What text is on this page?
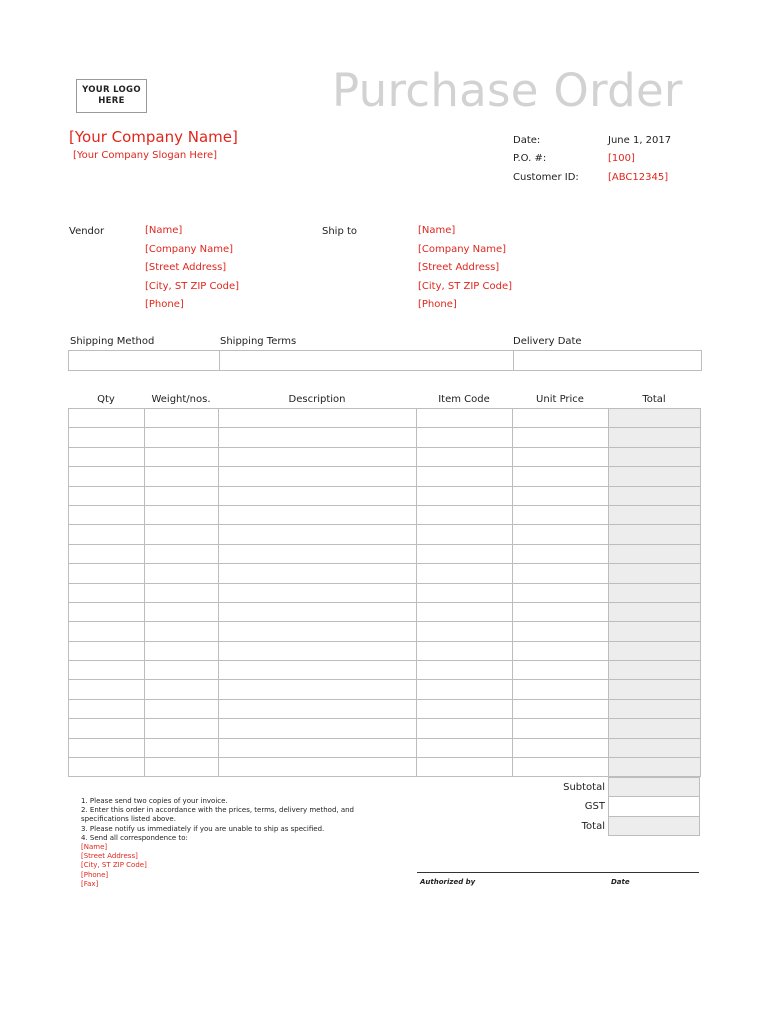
YOUR LOGO
HERE	Purchase Order
[Your Company Name]
[Your Company Slogan Here]
Date:	June 1, 2017
P.O. #:	[100]
Customer ID:	[ABC12345]
Vendor	[Name]
[Company Name]
[Street Address]
[City, ST ZIP Code]
[Phone]
Ship to	[Name]
[Company Name]
[Street Address]
[City, ST ZIP Code]
[Phone]
Shipping Method	Shipping Terms	Delivery Date

Qty	Weight/nos.	Description	Item Code	Unit Price	Total

Subtotal
GST
Total

1. Please send two copies of your invoice.
2. Enter this order in accordance with the prices, terms, delivery method, and specifications listed above.
3. Please notify us immediately if you are unable to ship as specified.
4. Send all correspondence to:
[Name]
[Street Address]
[City, ST ZIP Code]
[Phone]
[Fax]	Authorized by	Date
